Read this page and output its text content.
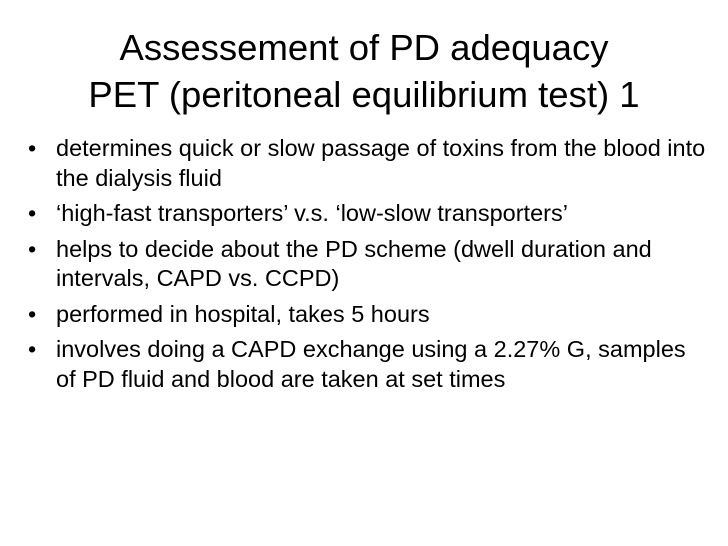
Assessement of PD adequacy
PET (peritoneal equilibrium test) 1
• determines quick or slow passage of toxins from the blood into the dialysis fluid
• ‘high-fast transporters’ v.s. ‘low-slow transporters’
• helps to decide about the PD scheme (dwell duration and intervals, CAPD vs. CCPD)
• performed in hospital, takes 5 hours
• involves doing a CAPD exchange using a 2.27% G, samples of PD fluid and blood are taken at set times
